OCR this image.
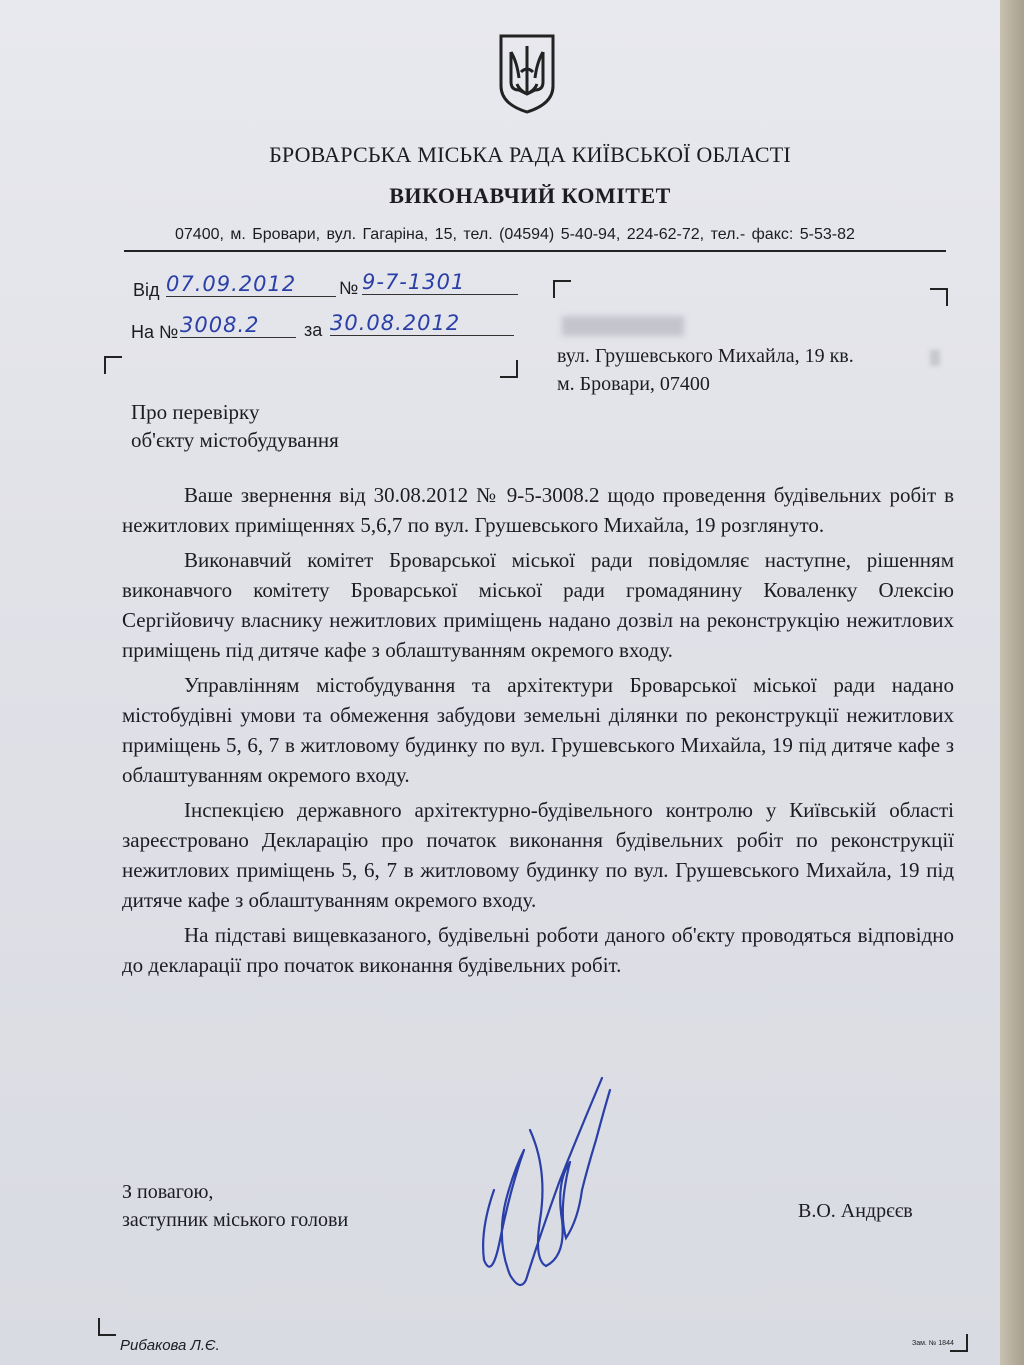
БРОВАРСЬКА МІСЬКА РАДА КИЇВСЬКОЇ ОБЛАСТІ
ВИКОНАВЧИЙ КОМІТЕТ
07400, м. Бровари, вул. Гагаріна, 15, тел. (04594) 5-40-94, 224-62-72, тел.- факс: 5-53-82
Від 07.09.2012	№ 9-7-1301
На № 3008.2	за 30.08.2012
вул. Грушевського Михайла, 19 кв.
м. Бровари, 07400
Про перевірку
об'єкту містобудування

Ваше звернення від 30.08.2012 № 9-5-3008.2 щодо проведення будівельних робіт в нежитлових приміщеннях 5,6,7 по вул. Грушевського Михайла, 19 розглянуто.

Виконавчий комітет Броварської міської ради повідомляє наступне, рішенням виконавчого комітету Броварської міської ради громадянину Коваленку Олексію Сергійовичу власнику нежитлових приміщень надано дозвіл на реконструкцію нежитлових приміщень під дитяче кафе з облаштуванням окремого входу.

Управлінням містобудування та архітектури Броварської міської ради надано містобудівні умови та обмеження забудови земельні ділянки по реконструкції нежитлових приміщень 5, 6, 7 в житловому будинку по вул. Грушевського Михайла, 19 під дитяче кафе з облаштуванням окремого входу.

Інспекцією державного архітектурно-будівельного контролю у Київській області зареєстровано Декларацію про початок виконання будівельних робіт по реконструкції нежитлових приміщень 5, 6, 7 в житловому будинку по вул. Грушевського Михайла, 19 під дитяче кафе з облаштуванням окремого входу.

На підставі вищевказаного, будівельні роботи даного об'єкту проводяться відповідно до декларації про початок виконання будівельних робіт.

З повагою,
заступник міського голови	В.О. Андрєєв
Рибакова Л.Є.	Зам. № 1844
